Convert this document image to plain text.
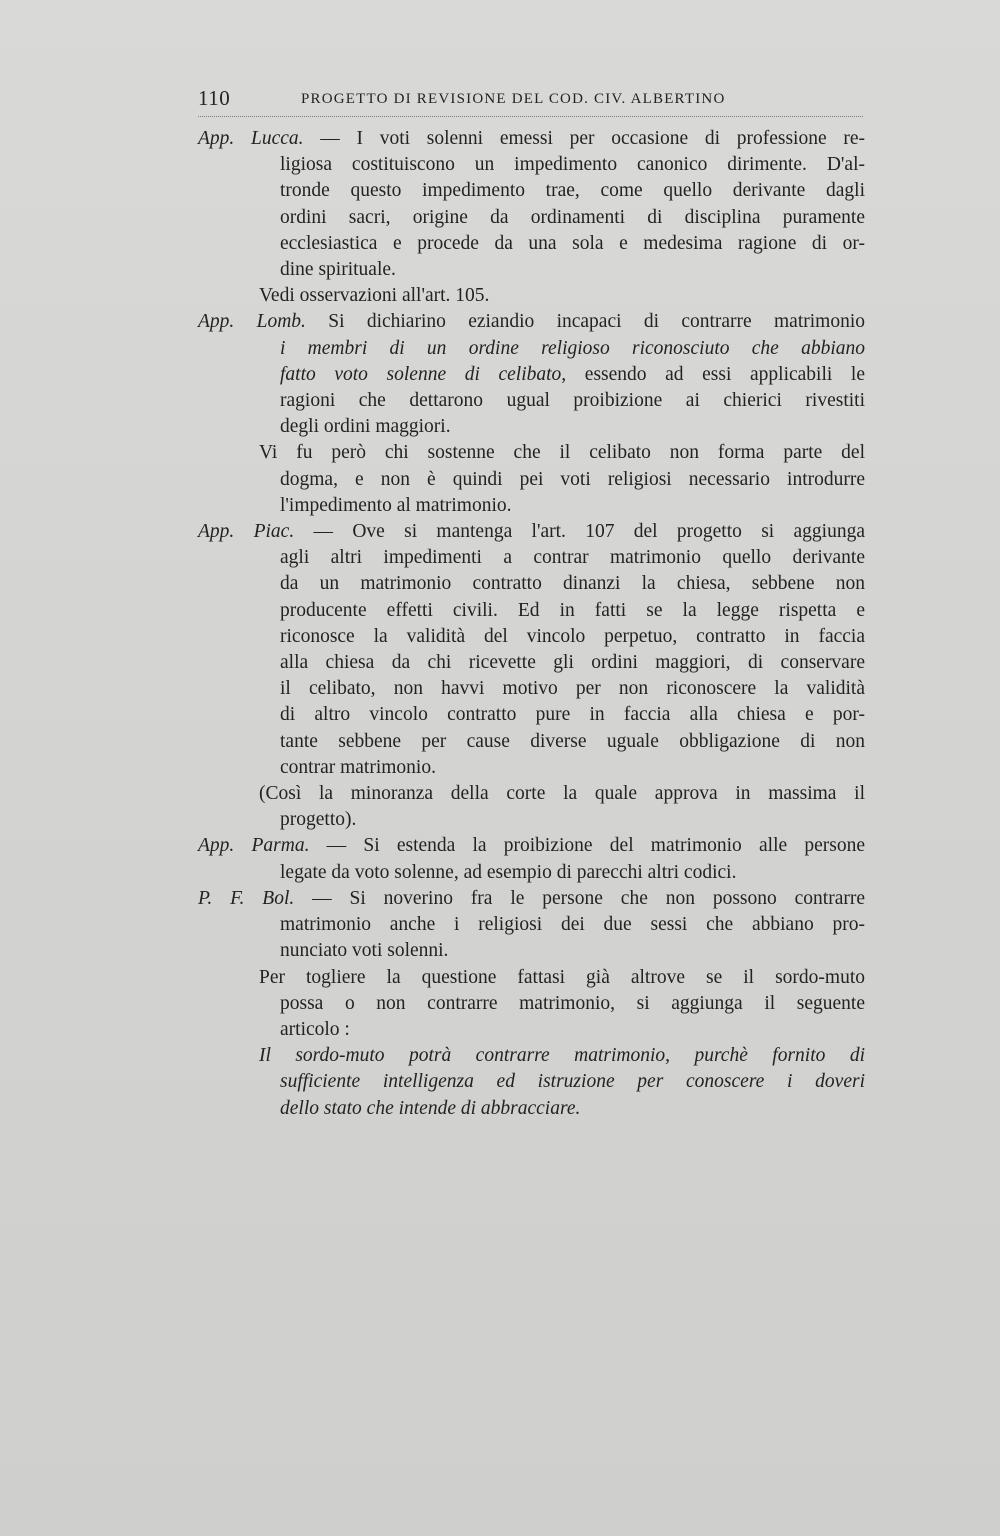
110	PROGETTO DI REVISIONE DEL COD. CIV. ALBERTINO
App. Lucca. — I voti solenni emessi per occasione di professione re-
ligiosa costituiscono un impedimento canonico dirimente. D'al-
tronde questo impedimento trae, come quello derivante dagli
ordini sacri, origine da ordinamenti di disciplina puramente
ecclesiastica e procede da una sola e medesima ragione di or-
dine spirituale.
Vedi osservazioni all'art. 105.
App. Lomb. Si dichiarino eziandio incapaci di contrarre matrimonio
i membri di un ordine religioso riconosciuto che abbiano
fatto voto solenne di celibato, essendo ad essi applicabili le
ragioni che dettarono ugual proibizione ai chierici rivestiti
degli ordini maggiori.
Vi fu però chi sostenne che il celibato non forma parte del
dogma, e non è quindi pei voti religiosi necessario introdurre
l'impedimento al matrimonio.
App. Piac. — Ove si mantenga l'art. 107 del progetto si aggiunga
agli altri impedimenti a contrar matrimonio quello derivante
da un matrimonio contratto dinanzi la chiesa, sebbene non
producente effetti civili. Ed in fatti se la legge rispetta e
riconosce la validità del vincolo perpetuo, contratto in faccia
alla chiesa da chi ricevette gli ordini maggiori, di conservare
il celibato, non havvi motivo per non riconoscere la validità
di altro vincolo contratto pure in faccia alla chiesa e por-
tante sebbene per cause diverse uguale obbligazione di non
contrar matrimonio.
(Così la minoranza della corte la quale approva in massima il
progetto).
App. Parma. — Si estenda la proibizione del matrimonio alle persone
legate da voto solenne, ad esempio di parecchi altri codici.
P. F. Bol. — Si noverino fra le persone che non possono contrarre
matrimonio anche i religiosi dei due sessi che abbiano pro-
nunciato voti solenni.
Per togliere la questione fattasi già altrove se il sordo-muto
possa o non contrarre matrimonio, si aggiunga il seguente
articolo :
Il sordo-muto potrà contrarre matrimonio, purchè fornito di
sufficiente intelligenza ed istruzione per conoscere i doveri
dello stato che intende di abbracciare.
